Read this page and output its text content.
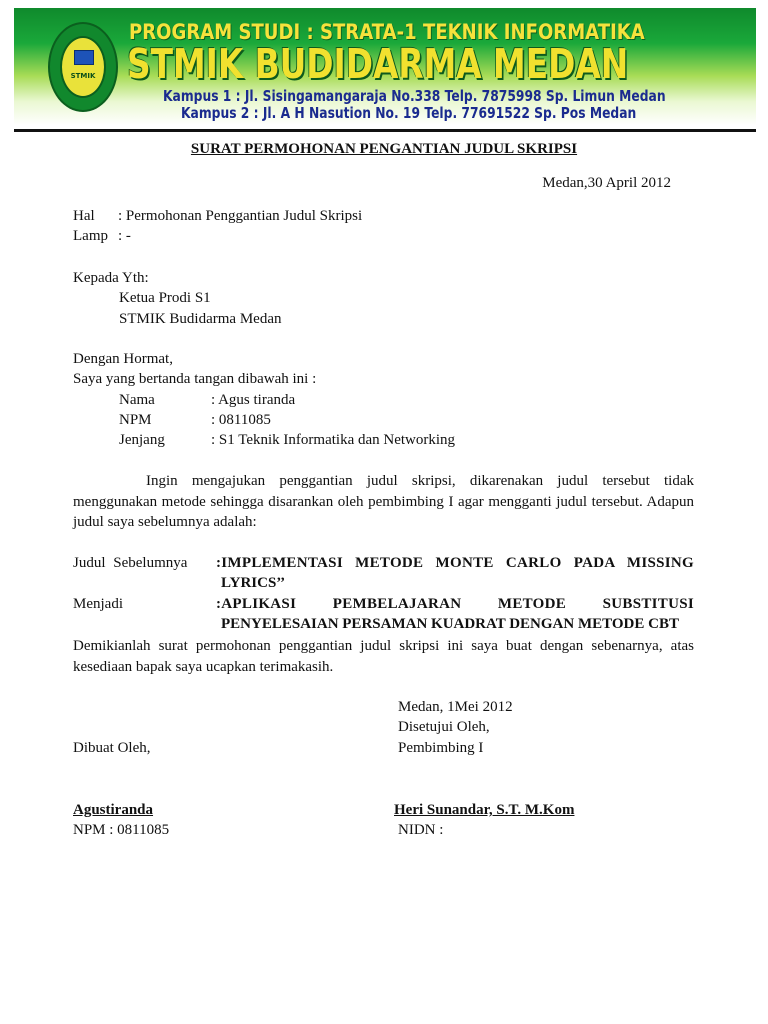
STMIK
PROGRAM STUDI : STRATA-1 TEKNIK INFORMATIKA
STMIK BUDIDARMA MEDAN
Kampus 1 : Jl. Sisingamangaraja No.338 Telp. 7875998 Sp. Limun Medan
Kampus 2 : Jl. A H Nasution No. 19 Telp. 77691522 Sp. Pos Medan
SURAT PERMOHONAN PENGANTIAN JUDUL SKRIPSI
Medan,30 April 2012
Hal : Permohonan Penggantian Judul Skripsi
Lamp : -
Kepada Yth:
Ketua Prodi S1
STMIK Budidarma Medan
Dengan Hormat,
Saya yang bertanda tangan dibawah ini :
Nama	: Agus tiranda
NPM	: 0811085
Jenjang	: S1 Teknik Informatika dan Networking
Ingin mengajukan penggantian judul skripsi, dikarenakan judul tersebut tidak menggunakan metode sehingga disarankan oleh pembimbing I agar mengganti judul tersebut. Adapun judul saya sebelumnya adalah:
Judul Sebelumnya :IMPLEMENTASI METODE MONTE CARLO PADA MISSING
LYRICS’’
Menjadi	:APLIKASI PEMBELAJARAN METODE SUBSTITUSI
PENYELESAIAN PERSAMAN KUADRAT DENGAN METODE CBT
Demikianlah surat permohonan penggantian judul skripsi ini saya buat dengan sebenarnya, atas kesediaan bapak saya ucapkan terimakasih.
Medan, 1Mei 2012
Disetujui Oleh,
Dibuat Oleh,	Pembimbing I
Agustiranda	Heri Sunandar, S.T. M.Kom
NPM : 0811085	NIDN :
